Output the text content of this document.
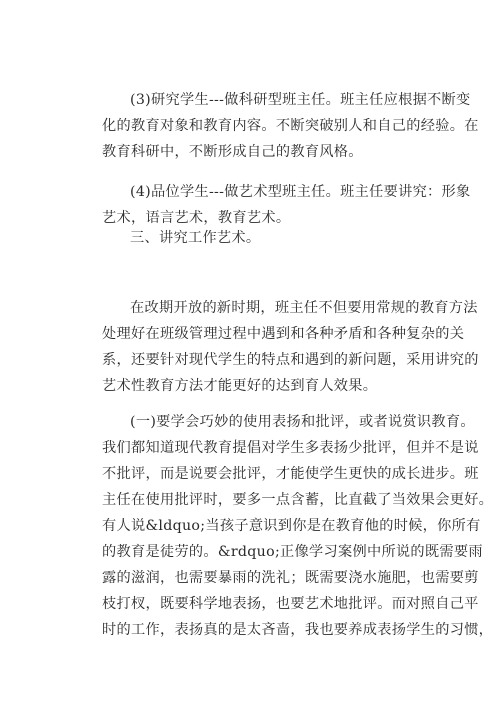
(3)研究学生---做科研型班主任。班主任应根据不断变
化的教育对象和教育内容。不断突破别人和自己的经验。在
教育科研中，不断形成自己的教育风格。
(4)品位学生---做艺术型班主任。班主任要讲究：形象
艺术，语言艺术，教育艺术。
三、讲究工作艺术。
在改期开放的新时期，班主任不但要用常规的教育方法
处理好在班级管理过程中遇到和各种矛盾和各种复杂的关
系，还要针对现代学生的特点和遇到的新问题，采用讲究的
艺术性教育方法才能更好的达到育人效果。
(一)要学会巧妙的使用表扬和批评，或者说赏识教育。
我们都知道现代教育提倡对学生多表扬少批评，但并不是说
不批评，而是说要会批评，才能使学生更快的成长进步。班
主任在使用批评时，要多一点含蓄，比直截了当效果会更好。
有人说&ldquo;当孩子意识到你是在教育他的时候，你所有
的教育是徒劳的。&rdquo;正像学习案例中所说的既需要雨
露的滋润，也需要暴雨的洗礼；既需要浇水施肥，也需要剪
枝打杈，既要科学地表扬，也要艺术地批评。而对照自己平
时的工作，表扬真的是太吝啬，我也要养成表扬学生的习惯，
